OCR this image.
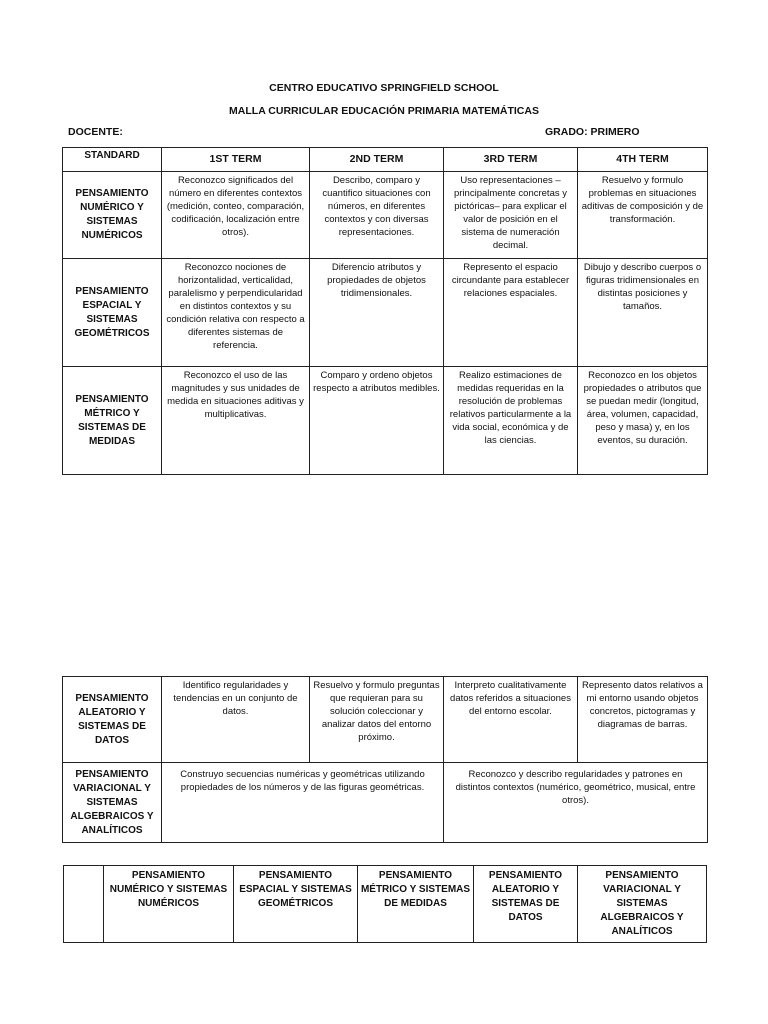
CENTRO EDUCATIVO SPRINGFIELD SCHOOL
MALLA CURRICULAR EDUCACIÓN PRIMARIA MATEMÁTICAS
DOCENTE:	GRADO: PRIMERO
STANDARD	1ST TERM	2ND TERM	3RD TERM	4TH TERM
PENSAMIENTO NUMÉRICO Y SISTEMAS NUMÉRICOS	Reconozco significados del número en diferentes contextos (medición, conteo, comparación, codificación, localización entre otros).	Describo, comparo y cuantifico situaciones con números, en diferentes contextos y con diversas representaciones.	Uso representaciones – principalmente concretas y pictóricas– para explicar el valor de posición en el sistema de numeración decimal.	Resuelvo y formulo problemas en situaciones aditivas de composición y de transformación.
PENSAMIENTO ESPACIAL Y SISTEMAS GEOMÉTRICOS	Reconozco nociones de horizontalidad, verticalidad, paralelismo y perpendicularidad en distintos contextos y su condición relativa con respecto a diferentes sistemas de referencia.	Diferencio atributos y propiedades de objetos tridimensionales.	Represento el espacio circundante para establecer relaciones espaciales.	Dibujo y describo cuerpos o figuras tridimensionales en distintas posiciones y tamaños.
PENSAMIENTO MÉTRICO Y SISTEMAS DE MEDIDAS	Reconozco el uso de las magnitudes y sus unidades de medida en situaciones aditivas y multiplicativas.	Comparo y ordeno objetos respecto a atributos medibles.	Realizo estimaciones de medidas requeridas en la resolución de problemas relativos particularmente a la vida social, económica y de las ciencias.	Reconozco en los objetos propiedades o atributos que se puedan medir (longitud, área, volumen, capacidad, peso y masa) y, en los eventos, su duración.
PENSAMIENTO ALEATORIO Y SISTEMAS DE DATOS	Identifico regularidades y tendencias en un conjunto de datos.	Resuelvo y formulo preguntas que requieran para su solución coleccionar y analizar datos del entorno próximo.	Interpreto cualitativamente datos referidos a situaciones del entorno escolar.	Represento datos relativos a mi entorno usando objetos concretos, pictogramas y diagramas de barras.
PENSAMIENTO VARIACIONAL Y SISTEMAS ALGEBRAICOS Y ANALÍTICOS	Construyo secuencias numéricas y geométricas utilizando propiedades de los números y de las figuras geométricas.		Reconozco y describo regularidades y patrones en distintos contextos (numérico, geométrico, musical, entre otros).	
	PENSAMIENTO NUMÉRICO Y SISTEMAS NUMÉRICOS	PENSAMIENTO ESPACIAL Y SISTEMAS GEOMÉTRICOS	PENSAMIENTO MÉTRICO Y SISTEMAS DE MEDIDAS	PENSAMIENTO ALEATORIO Y SISTEMAS DE DATOS	PENSAMIENTO VARIACIONAL Y SISTEMAS ALGEBRAICOS Y ANALÍTICOS
